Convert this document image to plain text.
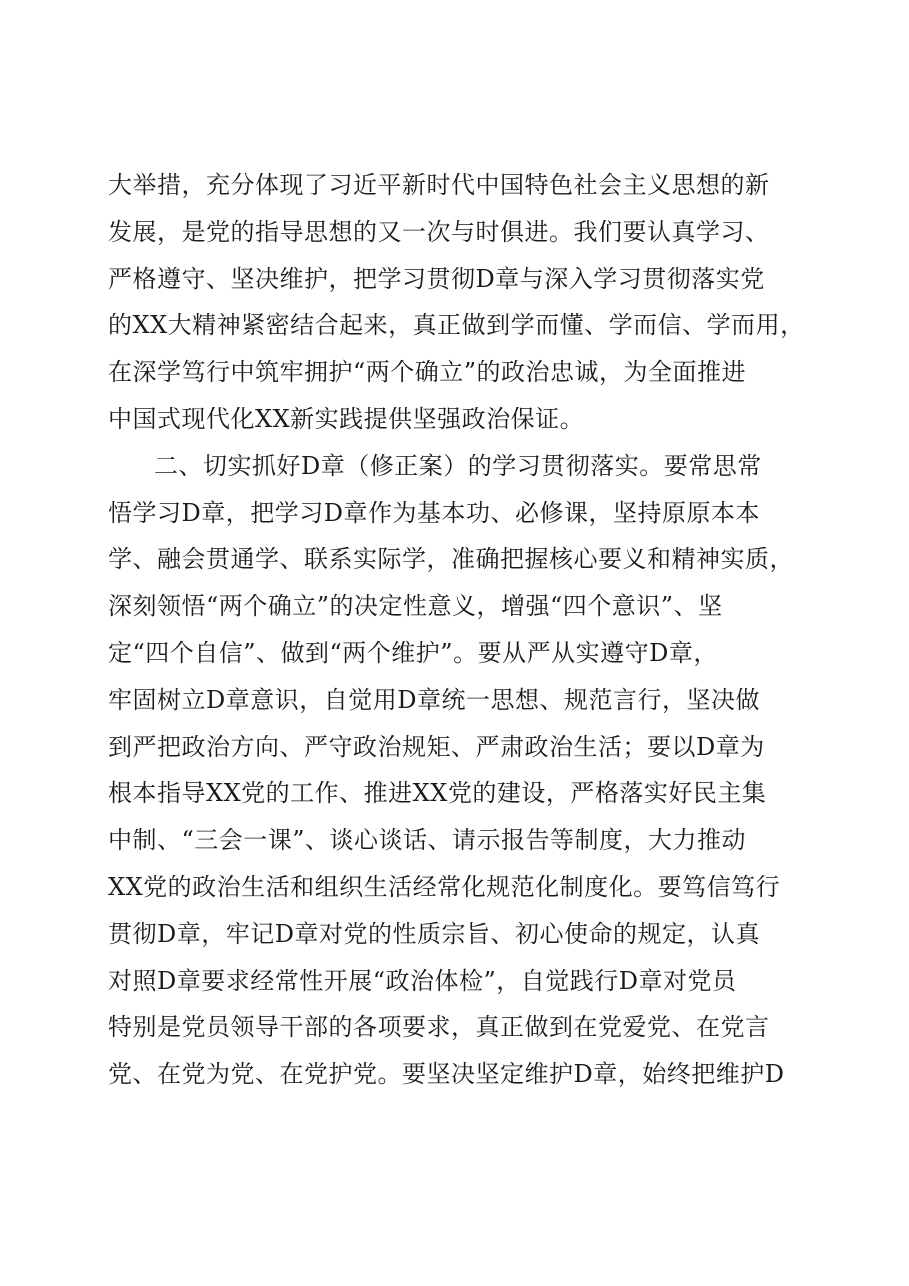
大举措，充分体现了习近平新时代中国特色社会主义思想的新
发展，是党的指导思想的又一次与时俱进。我们要认真学习、
严格遵守、坚决维护，把学习贯彻D章与深入学习贯彻落实党
的XX大精神紧密结合起来，真正做到学而懂、学而信、学而用，
在深学笃行中筑牢拥护“两个确立”的政治忠诚，为全面推进
中国式现代化XX新实践提供坚强政治保证。
二、切实抓好D章（修正案）的学习贯彻落实。要常思常
悟学习D章，把学习D章作为基本功、必修课，坚持原原本本
学、融会贯通学、联系实际学，准确把握核心要义和精神实质，
深刻领悟“两个确立”的决定性意义，增强“四个意识”、坚
定“四个自信”、做到“两个维护”。要从严从实遵守D章，
牢固树立D章意识，自觉用D章统一思想、规范言行，坚决做
到严把政治方向、严守政治规矩、严肃政治生活；要以D章为
根本指导XX党的工作、推进XX党的建设，严格落实好民主集
中制、“三会一课”、谈心谈话、请示报告等制度，大力推动
XX党的政治生活和组织生活经常化规范化制度化。要笃信笃行
贯彻D章，牢记D章对党的性质宗旨、初心使命的规定，认真
对照D章要求经常性开展“政治体检”，自觉践行D章对党员
特别是党员领导干部的各项要求，真正做到在党爱党、在党言
党、在党为党、在党护党。要坚决坚定维护D章，始终把维护D
